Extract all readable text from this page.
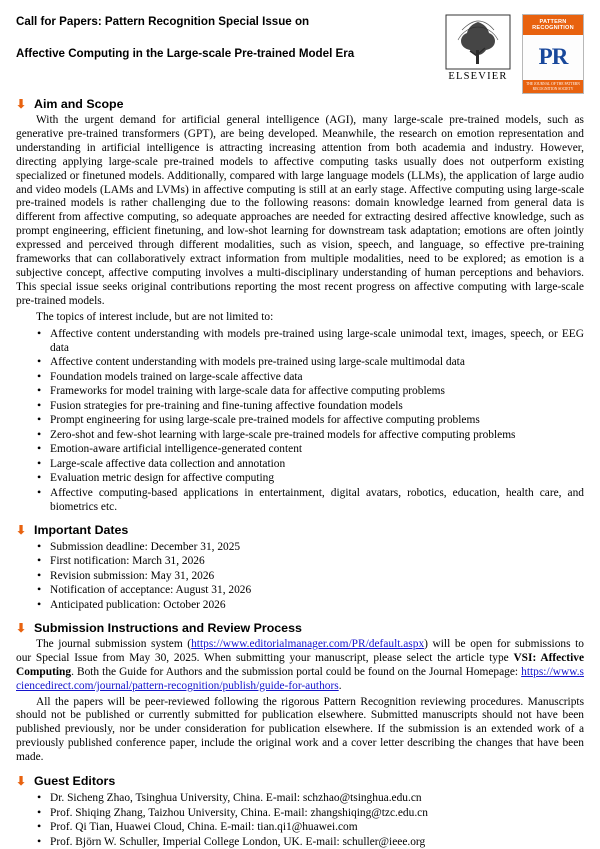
Call for Papers: Pattern Recognition Special Issue on
Affective Computing in the Large-scale Pre-trained Model Era
ELSEVIER
PATTERN
RECOGNITION
PR
THE JOURNAL OF THE PATTERN RECOGNITION SOCIETY
⬇ Aim and Scope

With the urgent demand for artificial general intelligence (AGI), many large-scale pre-trained models, such as generative pre-trained transformers (GPT), are being developed. Meanwhile, the research on emotion representation and understanding in artificial intelligence is attracting increasing attention from both academia and industry. However, directing applying large-scale pre-trained models to affective computing tasks usually does not outperform existing specialized or finetuned models. Additionally, compared with large language models (LLMs), the application of large audio and video models (LAMs and LVMs) in affective computing is still at an early stage. Affective computing using large-scale pre-trained models is rather challenging due to the following reasons: domain knowledge learned from general data is different from affective computing, so adequate approaches are needed for extracting desired affective knowledge, such as prompt engineering, efficient finetuning, and low-shot learning for downstream task adaptation; emotions are often jointly expressed and perceived through different modalities, such as vision, speech, and language, so effective pre-training frameworks that can collaboratively extract information from multiple modalities, need to be explored; as emotion is a subjective concept, affective computing involves a multi-disciplinary understanding of human perceptions and behaviors. This special issue seeks original contributions reporting the most recent progress on affective computing with large-scale pre-trained models.

The topics of interest include, but are not limited to:

• Affective content understanding with models pre-trained using large-scale unimodal text, images, speech, or EEG data
• Affective content understanding with models pre-trained using large-scale multimodal data
• Foundation models trained on large-scale affective data
• Frameworks for model training with large-scale data for affective computing problems
• Fusion strategies for pre-training and fine-tuning affective foundation models
• Prompt engineering for using large-scale pre-trained models for affective computing problems
• Zero-shot and few-shot learning with large-scale pre-trained models for affective computing problems
• Emotion-aware artificial intelligence-generated content
• Large-scale affective data collection and annotation
• Evaluation metric design for affective computing
• Affective computing-based applications in entertainment, digital avatars, robotics, education, health care, and biometrics etc.
⬇ Important Dates
• Submission deadline: December 31, 2025
• First notification: March 31, 2026
• Revision submission: May 31, 2026
• Notification of acceptance: August 31, 2026
• Anticipated publication: October 2026
⬇ Submission Instructions and Review Process

The journal submission system (https://www.editorialmanager.com/PR/default.aspx) will be open for submissions to our Special Issue from May 30, 2025. When submitting your manuscript, please select the article type VSI: Affective Computing. Both the Guide for Authors and the submission portal could be found on the Journal Homepage: https://www.sciencedirect.com/journal/pattern-recognition/publish/guide-for-authors.

All the papers will be peer-reviewed following the rigorous Pattern Recognition reviewing procedures. Manuscripts should not be published or currently submitted for publication elsewhere. Submitted manuscripts should not have been published previously, nor be under consideration for publication elsewhere. If the submission is an extended work of a previously published conference paper, include the original work and a cover letter describing the changes that have been made.

⬇ Guest Editors
• Dr. Sicheng Zhao, Tsinghua University, China. E-mail: schzhao@tsinghua.edu.cn
• Prof. Shiqing Zhang, Taizhou University, China. E-mail: zhangshiqing@tzc.edu.cn
• Prof. Qi Tian, Huawei Cloud, China. E-mail: tian.qi1@huawei.com
• Prof. Björn W. Schuller, Imperial College London, UK. E-mail: schuller@ieee.org
